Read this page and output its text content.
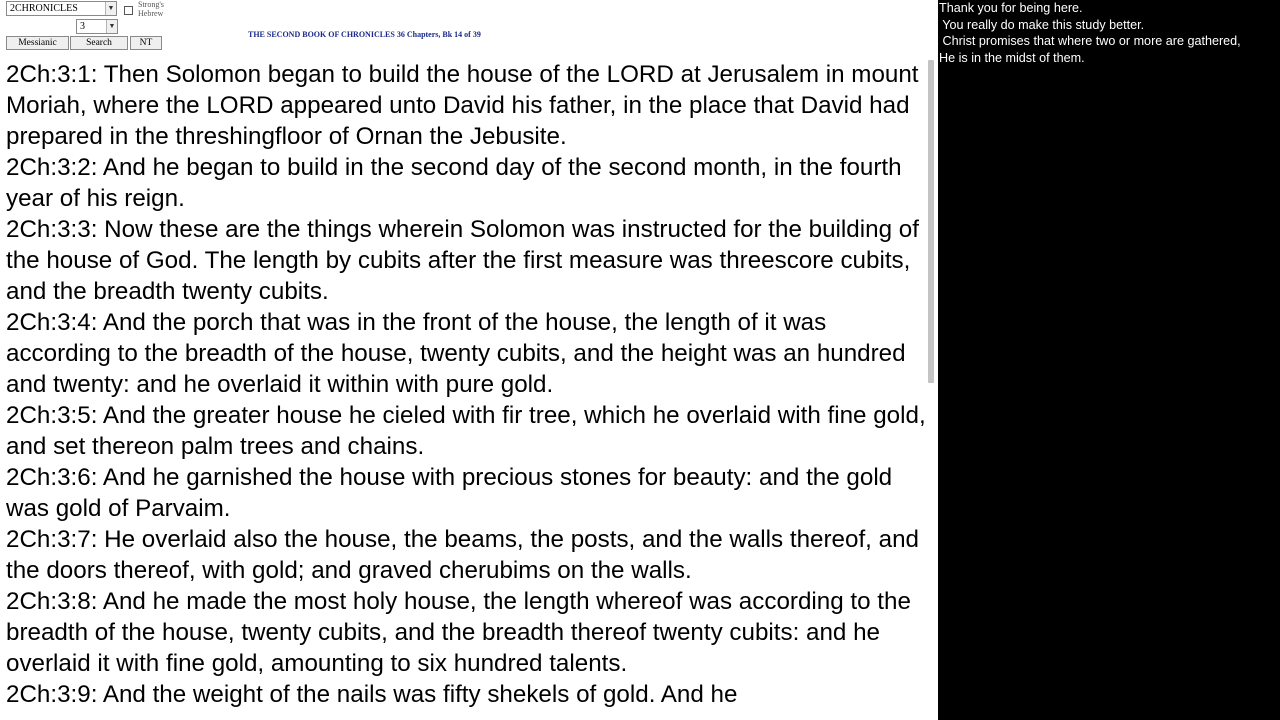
2CHRONICLES	▼
3	▼
Strong's Hebrew
Messianic	Search	NT
THE SECOND BOOK OF CHRONICLES 36 Chapters, Bk 14 of 39

2Ch:3:1: Then Solomon began to build the house of the LORD at Jerusalem in mount Moriah, where the LORD appeared unto David his father, in the place that David had prepared in the threshingfloor of Ornan the Jebusite.

2Ch:3:2: And he began to build in the second day of the second month, in the fourth year of his reign.

2Ch:3:3: Now these are the things wherein Solomon was instructed for the building of the house of God. The length by cubits after the first measure was threescore cubits, and the breadth twenty cubits.

2Ch:3:4: And the porch that was in the front of the house, the length of it was according to the breadth of the house, twenty cubits, and the height was an hundred and twenty: and he overlaid it within with pure gold.

2Ch:3:5: And the greater house he cieled with fir tree, which he overlaid with fine gold, and set thereon palm trees and chains.

2Ch:3:6: And he garnished the house with precious stones for beauty: and the gold was gold of Parvaim.

2Ch:3:7: He overlaid also the house, the beams, the posts, and the walls thereof, and the doors thereof, with gold; and graved cherubims on the walls.

2Ch:3:8: And he made the most holy house, the length whereof was according to the breadth of the house, twenty cubits, and the breadth thereof twenty cubits: and he overlaid it with fine gold, amounting to six hundred talents.

2Ch:3:9: And the weight of the nails was fifty shekels of gold. And he

Thank you for being here.
You really do make this study better.
Christ promises that where two or more are gathered,
He is in the midst of them.
